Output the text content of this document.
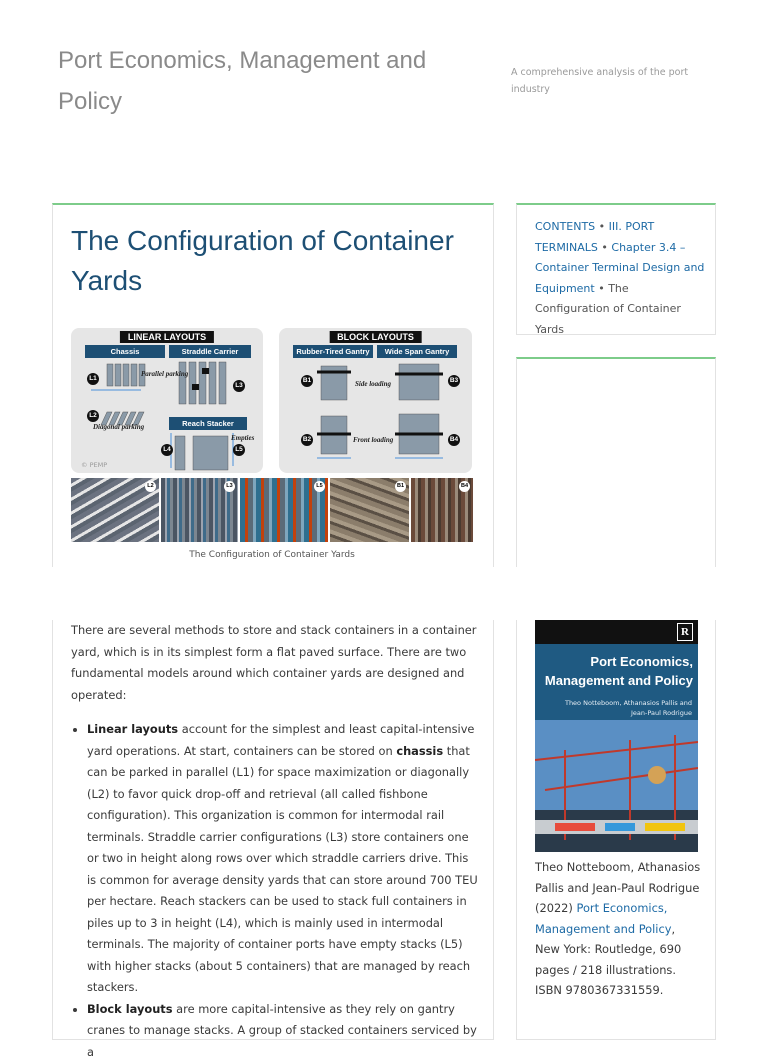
Port Economics, Management and Policy
A comprehensive analysis of the port industry
The Configuration of Container Yards
LINEAR LAYOUTS
Chassis	Straddle Carrier
Reach Stacker
Parallel parking
Diagonal parking
Empties
L1
L2
L3
L4	L5
© PEMP
BLOCK LAYOUTS
Rubber-Tired Gantry	Wide Span Gantry
Side loading
Front loading
B1
B2
B3
B4
L2	L3	L5	B1	B4
The Configuration of Container Yards
CONTENTS • III. PORT TERMINALS • Chapter 3.4 – Container Terminal Design and Equipment • The Configuration of Container Yards

There are several methods to store and stack containers in a container yard, which is in its simplest form a flat paved surface. There are two fundamental models around which container yards are designed and operated:

• Linear layouts account for the simplest and least capital-intensive yard operations. At start, containers can be stored on chassis that can be parked in parallel (L1) for space maximization or diagonally (L2) to favor quick drop-off and retrieval (all called fishbone configuration). This organization is common for intermodal rail terminals. Straddle carrier configurations (L3) store containers one or two in height along rows over which straddle carriers drive. This is common for average density yards that can store around 700 TEU per hectare. Reach stackers can be used to stack full containers in piles up to 3 in height (L4), which is mainly used in intermodal terminals. The majority of container ports have empty stacks (L5) with higher stacks (about 5 containers) that are managed by reach stackers.
• Block layouts are more capital-intensive as they rely on gantry cranes to manage stacks. A group of stacked containers serviced by a
R
Port Economics, Management and Policy
Theo Notteboom, Athanasios Pallis and Jean-Paul Rodrigue
Theo Notteboom, Athanasios Pallis and Jean-Paul Rodrigue (2022) Port Economics, Management and Policy, New York: Routledge, 690 pages / 218 illustrations. ISBN 9780367331559.
